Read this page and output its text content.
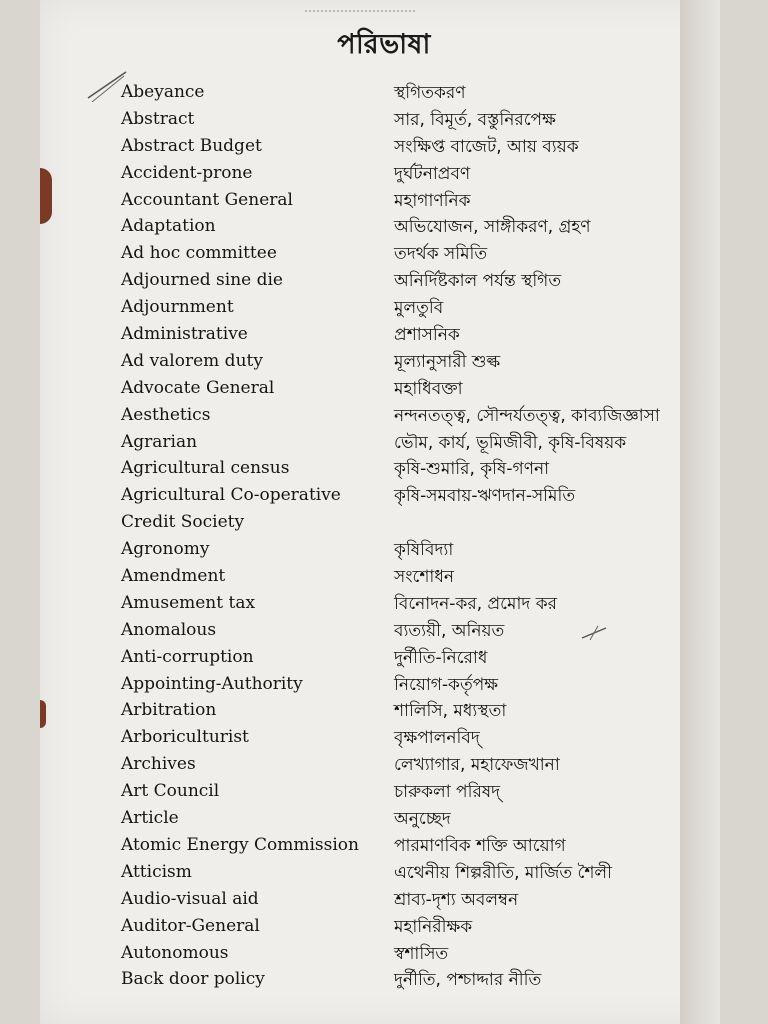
পরিভাষা
Abeyance	স্থগিতকরণ
Abstract	সার, বিমূর্ত, বস্তুনিরপেক্ষ
Abstract Budget	সংক্ষিপ্ত বাজেট, আয় ব্যয়ক
Accident-prone	দুর্ঘটনাপ্রবণ
Accountant General	মহাগাণনিক
Adaptation	অভিযোজন, সাঙ্গীকরণ, গ্রহণ
Ad hoc committee	তদর্থক সমিতি
Adjourned sine die	অনির্দিষ্টকাল পর্যন্ত স্থগিত
Adjournment	মুলতুবি
Administrative	প্রশাসনিক
Ad valorem duty	মূল্যানুসারী শুল্ক
Advocate General	মহাধিবক্তা
Aesthetics	নন্দনতত্ত্ব, সৌন্দর্যতত্ত্ব, কাব্যজিজ্ঞাসা
Agrarian	ভৌম, কার্য, ভূমিজীবী, কৃষি-বিষয়ক
Agricultural census	কৃষি-শুমারি, কৃষি-গণনা
Agricultural Co-operative	কৃষি-সমবায়-ঋণদান-সমিতি
Credit Society
Agronomy	কৃষিবিদ্যা
Amendment	সংশোধন
Amusement tax	বিনোদন-কর, প্রমোদ কর
Anomalous	ব্যত্যয়ী, অনিয়ত
Anti-corruption	দুর্নীতি-নিরোধ
Appointing-Authority	নিয়োগ-কর্তৃপক্ষ
Arbitration	শালিসি, মধ্যস্থতা
Arboriculturist	বৃক্ষপালনবিদ্
Archives	লেখ্যাগার, মহাফেজখানা
Art Council	চারুকলা পরিষদ্
Article	অনুচ্ছেদ
Atomic Energy Commission পারমাণবিক শক্তি আয়োগ
Atticism	এথেনীয় শিল্পরীতি, মার্জিত শৈলী
Audio-visual aid	শ্রাব্য-দৃশ্য অবলম্বন
Auditor-General	মহানিরীক্ষক
Autonomous	স্বশাসিত
Back door policy	দুর্নীতি, পশ্চাদ্দার নীতি
